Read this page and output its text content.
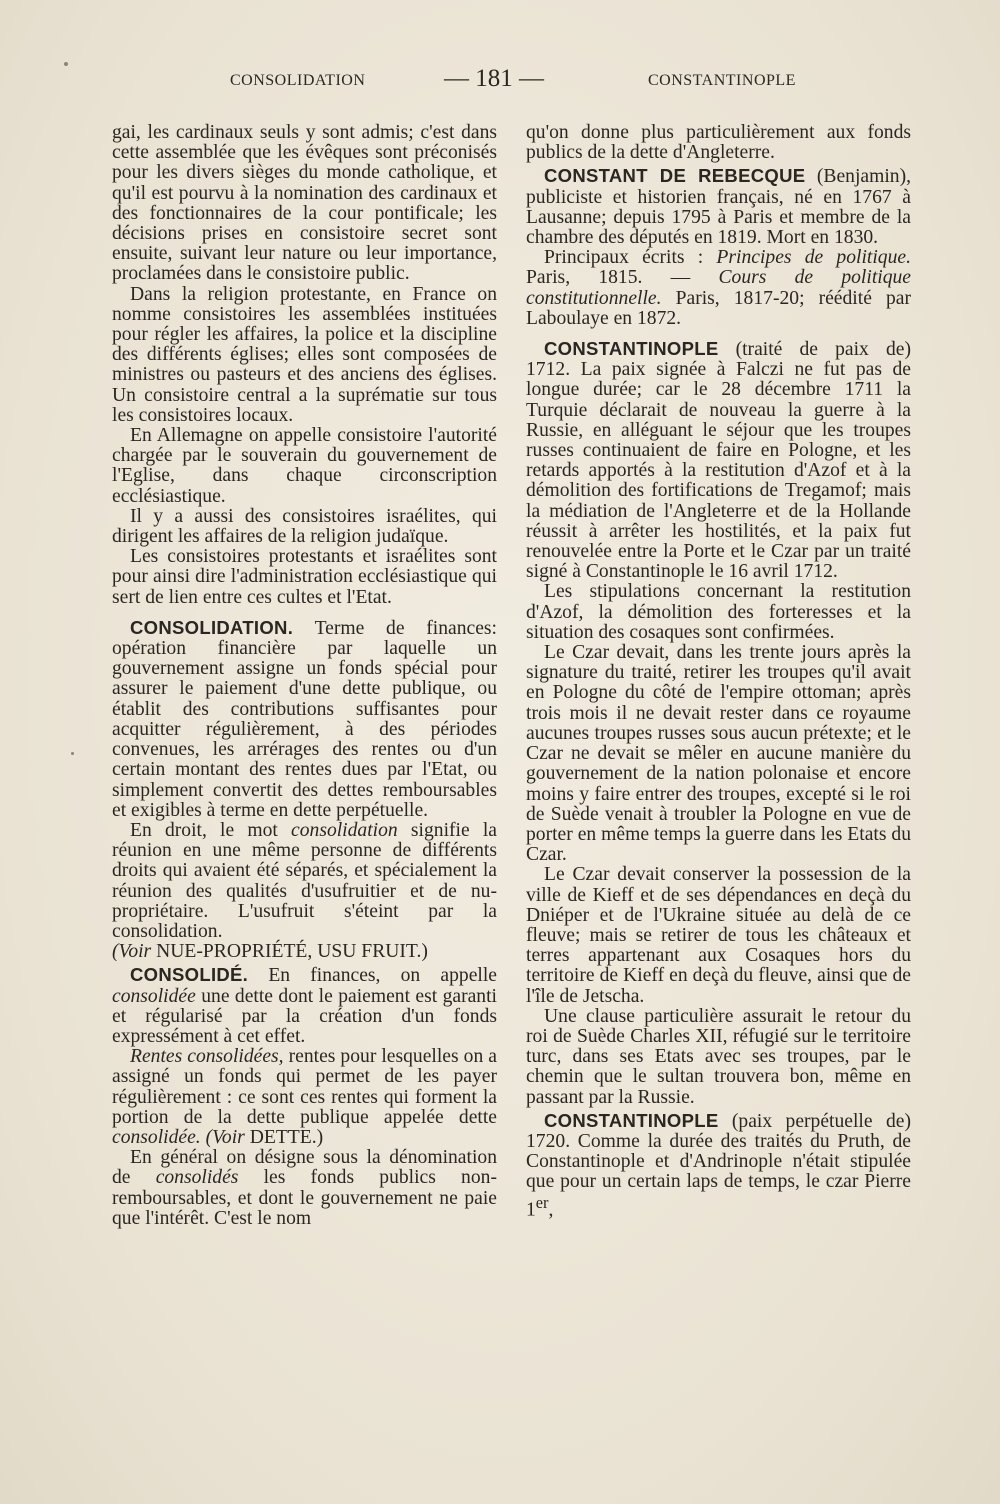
CONSOLIDATION	— 181 —	CONSTANTINOPLE

gai, les cardinaux seuls y sont admis; c'est dans cette assemblée que les évêques sont préconisés pour les divers sièges du monde catholique, et qu'il est pourvu à la nomination des cardinaux et des fonctionnaires de la cour pontificale; les décisions prises en consistoire secret sont ensuite, suivant leur nature ou leur importance, proclamées dans le consistoire public.

Dans la religion protestante, en France on nomme consistoires les assemblées instituées pour régler les affaires, la police et la discipline des différents églises; elles sont composées de ministres ou pasteurs et des anciens des églises. Un consistoire central a la suprématie sur tous les consistoires locaux.

En Allemagne on appelle consistoire l'autorité chargée par le souverain du gouvernement de l'Eglise, dans chaque circonscription ecclésiastique.

Il y a aussi des consistoires israélites, qui dirigent les affaires de la religion judaïque.

Les consistoires protestants et israélites sont pour ainsi dire l'administration ecclésiastique qui sert de lien entre ces cultes et l'Etat.

CONSOLIDATION. Terme de finances: opération financière par laquelle un gouvernement assigne un fonds spécial pour assurer le paiement d'une dette publique, ou établit des contributions suffisantes pour acquitter régulièrement, à des périodes convenues, les arrérages des rentes ou d'un certain montant des rentes dues par l'Etat, ou simplement convertit des dettes remboursables et exigibles à terme en dette perpétuelle.

En droit, le mot consolidation signifie la réunion en une même personne de différents droits qui avaient été séparés, et spécialement la réunion des qualités d'usufruitier et de nu-propriétaire. L'usufruit s'éteint par la consolidation.
(Voir NUE-PROPRIÉTÉ, USU FRUIT.)

CONSOLIDÉ. En finances, on appelle consolidée une dette dont le paiement est garanti et régularisé par la création d'un fonds expressément à cet effet.

Rentes consolidées, rentes pour lesquelles on a assigné un fonds qui permet de les payer régulièrement : ce sont ces rentes qui forment la portion de la dette publique appelée dette consolidée. (Voir DETTE.)

En général on désigne sous la dénomination de consolidés les fonds publics non-remboursables, et dont le gouvernement ne paie que l'intérêt. C'est le nom

qu'on donne plus particulièrement aux fonds publics de la dette d'Angleterre.

CONSTANT DE REBECQUE (Benjamin), publiciste et historien français, né en 1767 à Lausanne; depuis 1795 à Paris et membre de la chambre des députés en 1819. Mort en 1830.

Principaux écrits : Principes de politique. Paris, 1815. — Cours de politique constitutionnelle. Paris, 1817-20; réédité par Laboulaye en 1872.

CONSTANTINOPLE (traité de paix de) 1712. La paix signée à Falczi ne fut pas de longue durée; car le 28 décembre 1711 la Turquie déclarait de nouveau la guerre à la Russie, en alléguant le séjour que les troupes russes continuaient de faire en Pologne, et les retards apportés à la restitution d'Azof et à la démolition des fortifications de Tregamof; mais la médiation de l'Angleterre et de la Hollande réussit à arrêter les hostilités, et la paix fut renouvelée entre la Porte et le Czar par un traité signé à Constantinople le 16 avril 1712.

Les stipulations concernant la restitution d'Azof, la démolition des forteresses et la situation des cosaques sont confirmées.

Le Czar devait, dans les trente jours après la signature du traité, retirer les troupes qu'il avait en Pologne du côté de l'empire ottoman; après trois mois il ne devait rester dans ce royaume aucunes troupes russes sous aucun prétexte; et le Czar ne devait se mêler en aucune manière du gouvernement de la nation polonaise et encore moins y faire entrer des troupes, excepté si le roi de Suède venait à troubler la Pologne en vue de porter en même temps la guerre dans les Etats du Czar.

Le Czar devait conserver la possession de la ville de Kieff et de ses dépendances en deçà du Dniéper et de l'Ukraine située au delà de ce fleuve; mais se retirer de tous les châteaux et terres appartenant aux Cosaques hors du territoire de Kieff en deçà du fleuve, ainsi que de l'île de Jetscha.

Une clause particulière assurait le retour du roi de Suède Charles XII, réfugié sur le territoire turc, dans ses Etats avec ses troupes, par le chemin que le sultan trouvera bon, même en passant par la Russie.

CONSTANTINOPLE (paix perpétuelle de) 1720. Comme la durée des traités du Pruth, de Constantinople et d'Andrinople n'était stipulée que pour un certain laps de temps, le czar Pierre 1er,
